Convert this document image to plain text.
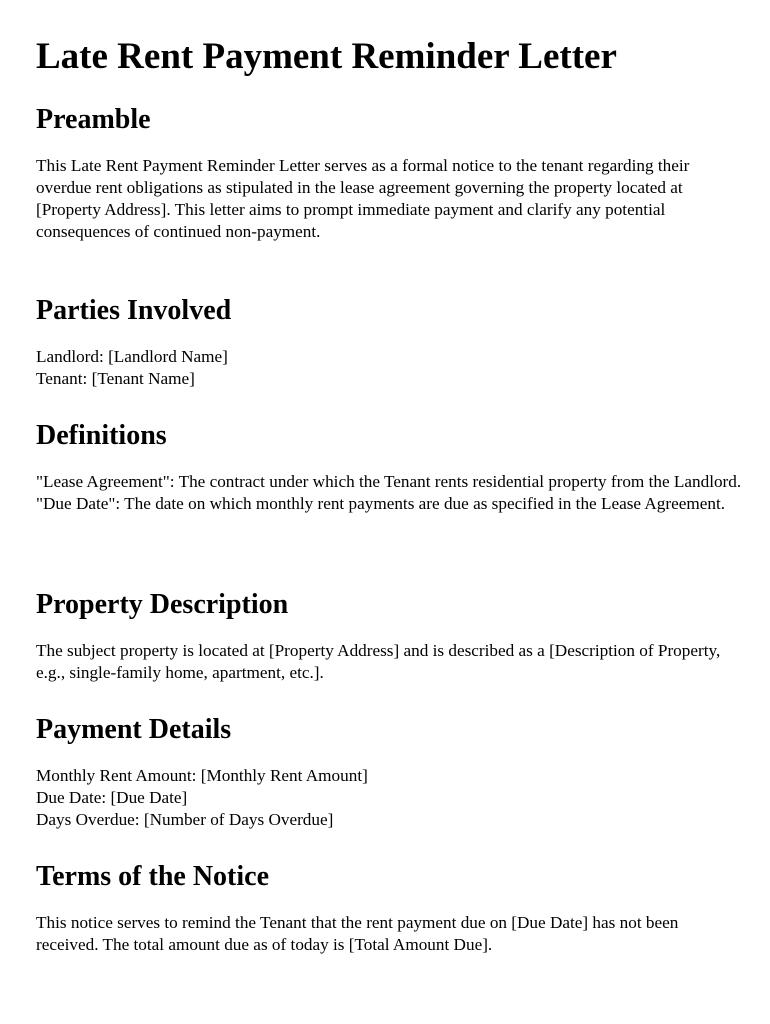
Late Rent Payment Reminder Letter
Preamble

This Late Rent Payment Reminder Letter serves as a formal notice to the tenant regarding their overdue rent obligations as stipulated in the lease agreement governing the property located at [Property Address]. This letter aims to prompt immediate payment and clarify any potential consequences of continued non-payment.

Parties Involved
Landlord: [Landlord Name]
Tenant: [Tenant Name]
Definitions
"Lease Agreement": The contract under which the Tenant rents residential property from the Landlord.
"Due Date": The date on which monthly rent payments are due as specified in the Lease Agreement.
Property Description

The subject property is located at [Property Address] and is described as a [Description of Property, e.g., single-family home, apartment, etc.].

Payment Details
Monthly Rent Amount: [Monthly Rent Amount]
Due Date: [Due Date]
Days Overdue: [Number of Days Overdue]
Terms of the Notice

This notice serves to remind the Tenant that the rent payment due on [Due Date] has not been received. The total amount due as of today is [Total Amount Due].
